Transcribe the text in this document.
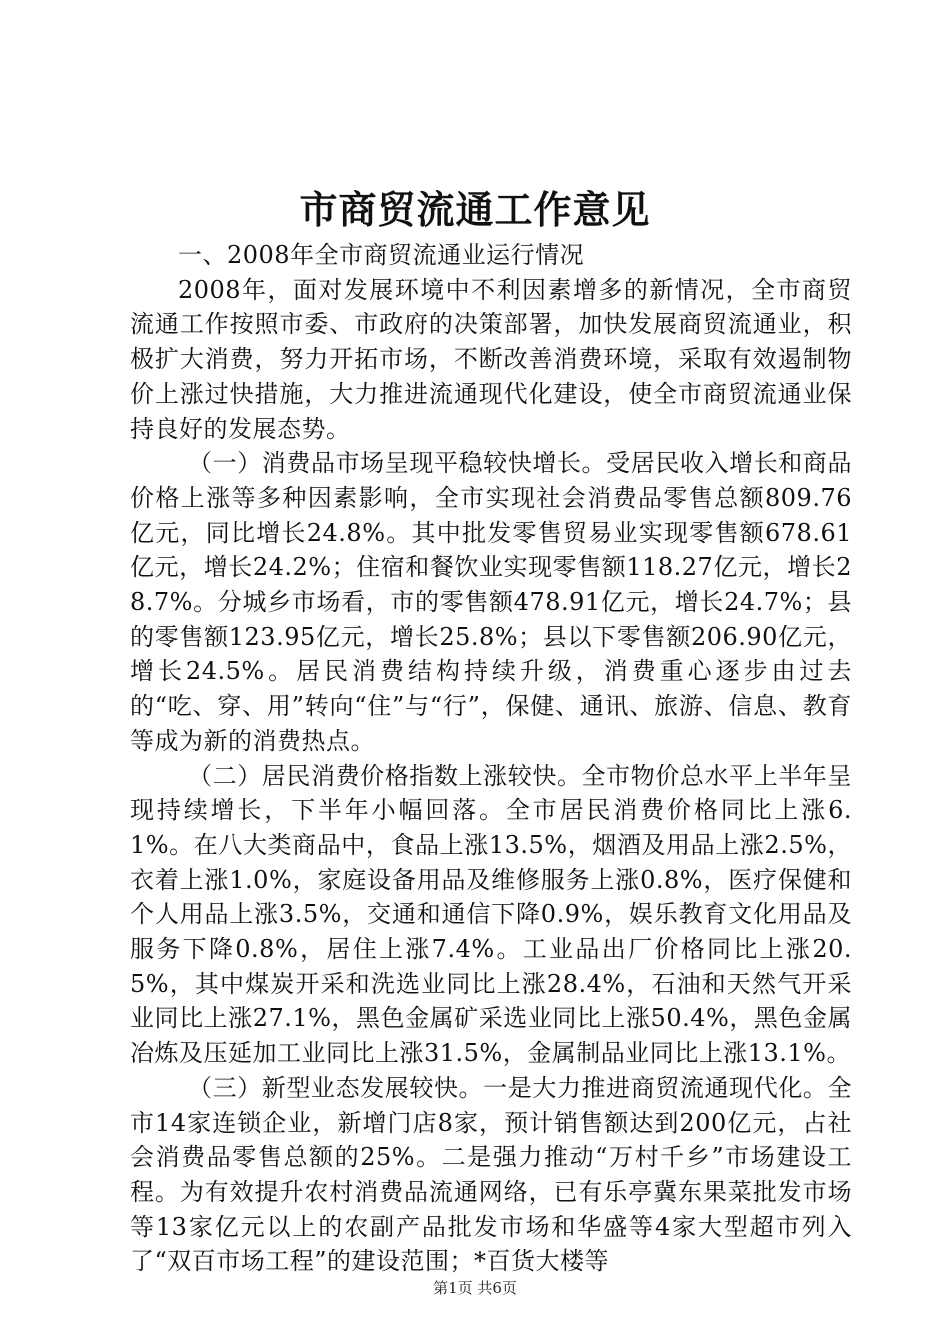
市商贸流通工作意见

一、2008年全市商贸流通业运行情况

2008年，面对发展环境中不利因素增多的新情况，全市商贸流通工作按照市委、市政府的决策部署，加快发展商贸流通业，积极扩大消费，努力开拓市场，不断改善消费环境，采取有效遏制物价上涨过快措施，大力推进流通现代化建设，使全市商贸流通业保持良好的发展态势。

（一）消费品市场呈现平稳较快增长。受居民收入增长和商品价格上涨等多种因素影响，全市实现社会消费品零售总额809.76亿元，同比增长24.8%。其中批发零售贸易业实现零售额678.61亿元，增长24.2%；住宿和餐饮业实现零售额118.27亿元，增长28.7%。分城乡市场看，市的零售额478.91亿元，增长24.7%；县的零售额123.95亿元，增长25.8%；县以下零售额206.90亿元，增长24.5%。居民消费结构持续升级，消费重心逐步由过去的“吃、穿、用”转向“住”与“行”，保健、通讯、旅游、信息、教育等成为新的消费热点。

（二）居民消费价格指数上涨较快。全市物价总水平上半年呈现持续增长，下半年小幅回落。全市居民消费价格同比上涨6.1%。在八大类商品中，食品上涨13.5%，烟酒及用品上涨2.5%，衣着上涨1.0%，家庭设备用品及维修服务上涨0.8%，医疗保健和个人用品上涨3.5%，交通和通信下降0.9%，娱乐教育文化用品及服务下降0.8%，居住上涨7.4%。工业品出厂价格同比上涨20.5%，其中煤炭开采和洗选业同比上涨28.4%，石油和天然气开采业同比上涨27.1%，黑色金属矿采选业同比上涨50.4%，黑色金属冶炼及压延加工业同比上涨31.5%，金属制品业同比上涨13.1%。

（三）新型业态发展较快。一是大力推进商贸流通现代化。全市14家连锁企业，新增门店8家，预计销售额达到200亿元，占社会消费品零售总额的25%。二是强力推动“万村千乡”市场建设工程。为有效提升农村消费品流通网络，已有乐亭冀东果菜批发市场等13家亿元以上的农副产品批发市场和华盛等4家大型超市列入了“双百市场工程”的建设范围；*百货大楼等

第1页 共6页
